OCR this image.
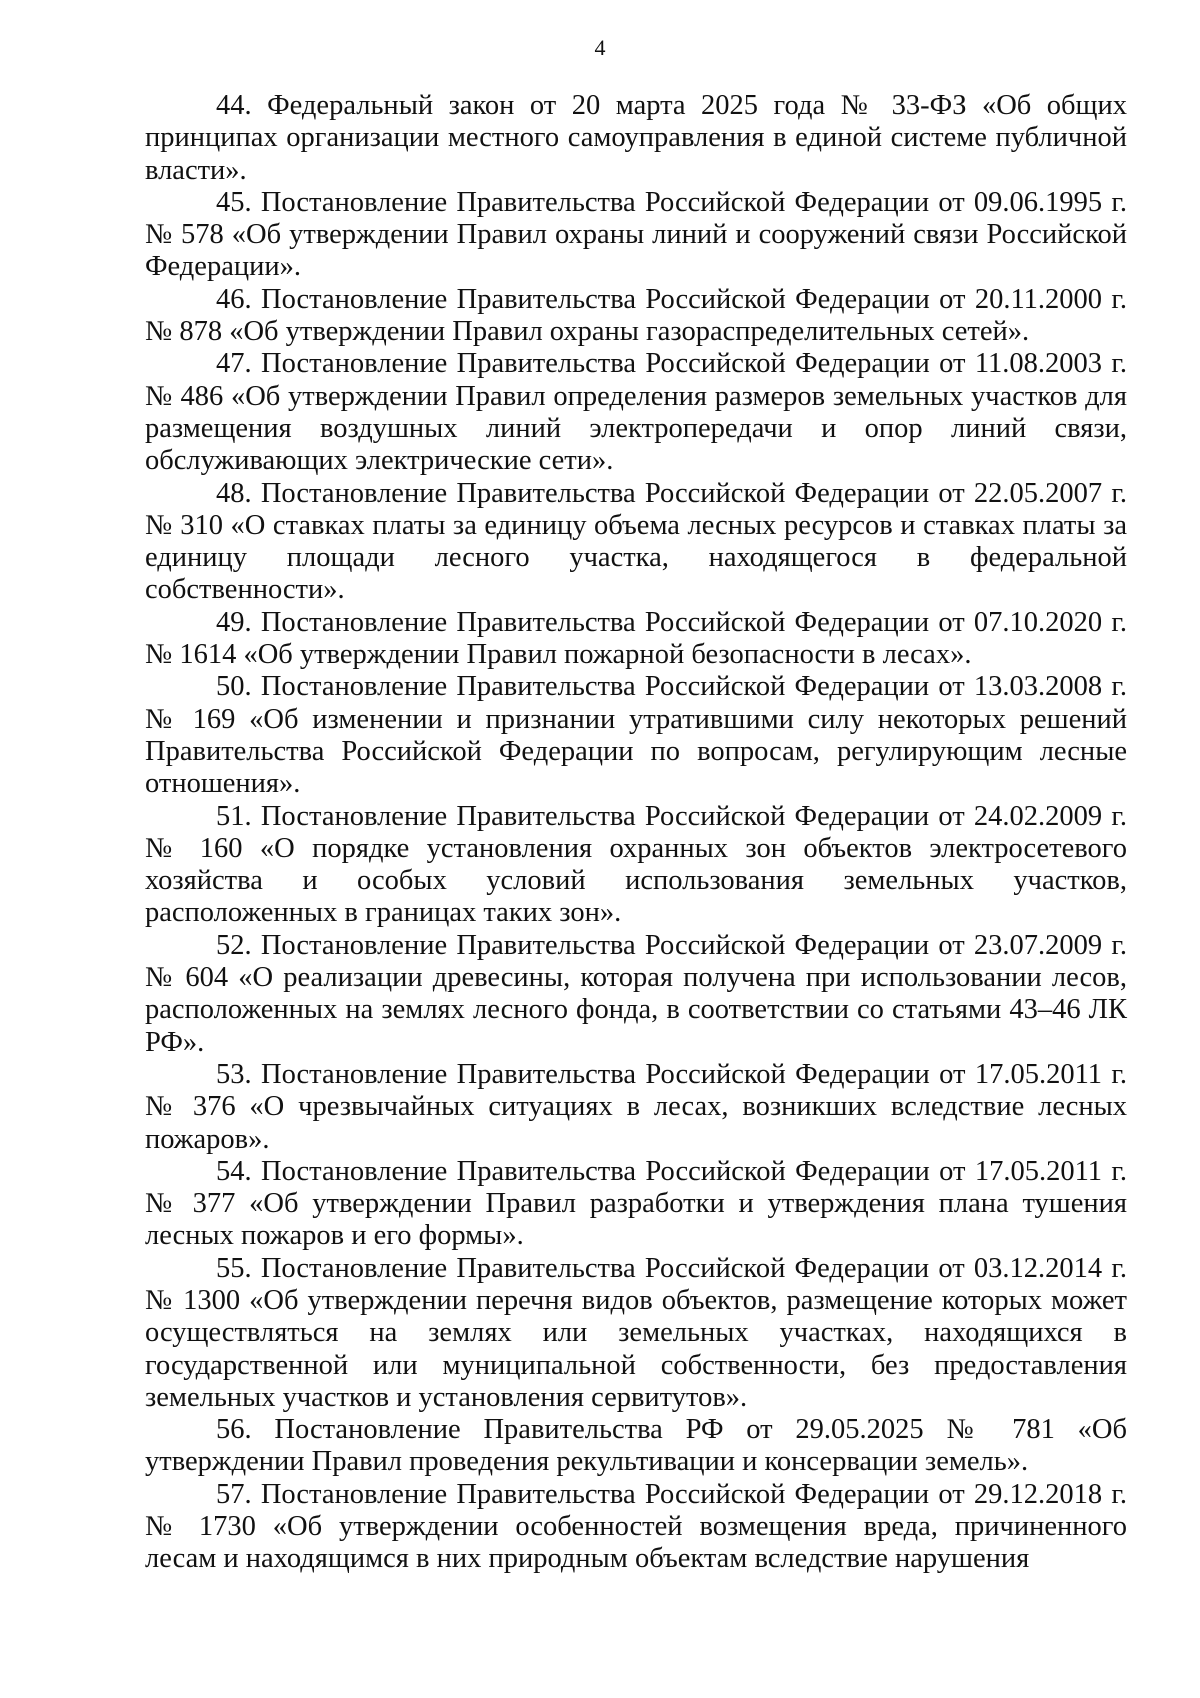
4

44. Федеральный закон от 20 марта 2025 года № 33-ФЗ «Об общих принципах организации местного самоуправления в единой системе публичной власти».

45. Постановление Правительства Российской Федерации от 09.06.1995 г. № 578 «Об утверждении Правил охраны линий и сооружений связи Российской Федерации».

46. Постановление Правительства Российской Федерации от 20.11.2000 г. № 878 «Об утверждении Правил охраны газораспределительных сетей».

47. Постановление Правительства Российской Федерации от 11.08.2003 г. № 486 «Об утверждении Правил определения размеров земельных участков для размещения воздушных линий электропередачи и опор линий связи, обслуживающих электрические сети».

48. Постановление Правительства Российской Федерации от 22.05.2007 г. № 310 «О ставках платы за единицу объема лесных ресурсов и ставках платы за единицу площади лесного участка, находящегося в федеральной собственности».

49. Постановление Правительства Российской Федерации от 07.10.2020 г. № 1614 «Об утверждении Правил пожарной безопасности в лесах».

50. Постановление Правительства Российской Федерации от 13.03.2008 г. № 169 «Об изменении и признании утратившими силу некоторых решений Правительства Российской Федерации по вопросам, регулирующим лесные отношения».

51. Постановление Правительства Российской Федерации от 24.02.2009 г. № 160 «О порядке установления охранных зон объектов электросетевого хозяйства и особых условий использования земельных участков, расположенных в границах таких зон».

52. Постановление Правительства Российской Федерации от 23.07.2009 г. № 604 «О реализации древесины, которая получена при использовании лесов, расположенных на землях лесного фонда, в соответствии со статьями 43–46 ЛК РФ».

53. Постановление Правительства Российской Федерации от 17.05.2011 г. № 376 «О чрезвычайных ситуациях в лесах, возникших вследствие лесных пожаров».

54. Постановление Правительства Российской Федерации от 17.05.2011 г. № 377 «Об утверждении Правил разработки и утверждения плана тушения лесных пожаров и его формы».

55. Постановление Правительства Российской Федерации от 03.12.2014 г. № 1300 «Об утверждении перечня видов объектов, размещение которых может осуществляться на землях или земельных участках, находящихся в государственной или муниципальной собственности, без предоставления земельных участков и установления сервитутов».

56. Постановление Правительства РФ от 29.05.2025 № 781 «Об утверждении Правил проведения рекультивации и консервации земель».

57. Постановление Правительства Российской Федерации от 29.12.2018 г. № 1730 «Об утверждении особенностей возмещения вреда, причиненного лесам и находящимся в них природным объектам вследствие нарушения
